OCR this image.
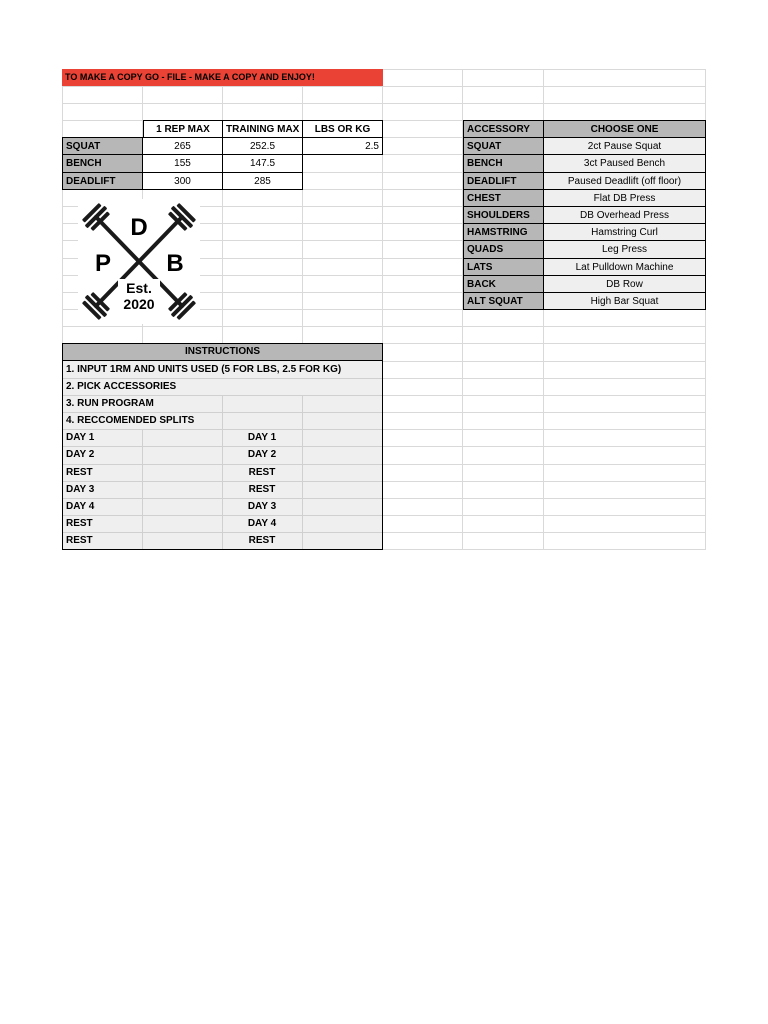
TO MAKE A COPY GO - FILE - MAKE A COPY AND ENJOY!
1 REP MAX	TRAINING MAX	LBS OR KG
SQUAT	265	252.5	2.5
BENCH	155	147.5
DEADLIFT	300	285
D
P B
Est.
2020
ACCESSORY	CHOOSE ONE
SQUAT	2ct Pause Squat
BENCH	3ct Paused Bench
DEADLIFT	Paused Deadlift (off floor)
CHEST	Flat DB Press
SHOULDERS	DB Overhead Press
HAMSTRING	Hamstring Curl
QUADS	Leg Press
LATS	Lat Pulldown Machine
BACK	DB Row
ALT SQUAT	High Bar Squat
INSTRUCTIONS
1. INPUT 1RM AND UNITS USED (5 FOR LBS, 2.5 FOR KG)
2. PICK ACCESSORIES
3. RUN PROGRAM
4. RECCOMENDED SPLITS
DAY 1	DAY 1
DAY 2	DAY 2
REST	REST
DAY 3	REST
DAY 4	DAY 3
REST	DAY 4
REST	REST
